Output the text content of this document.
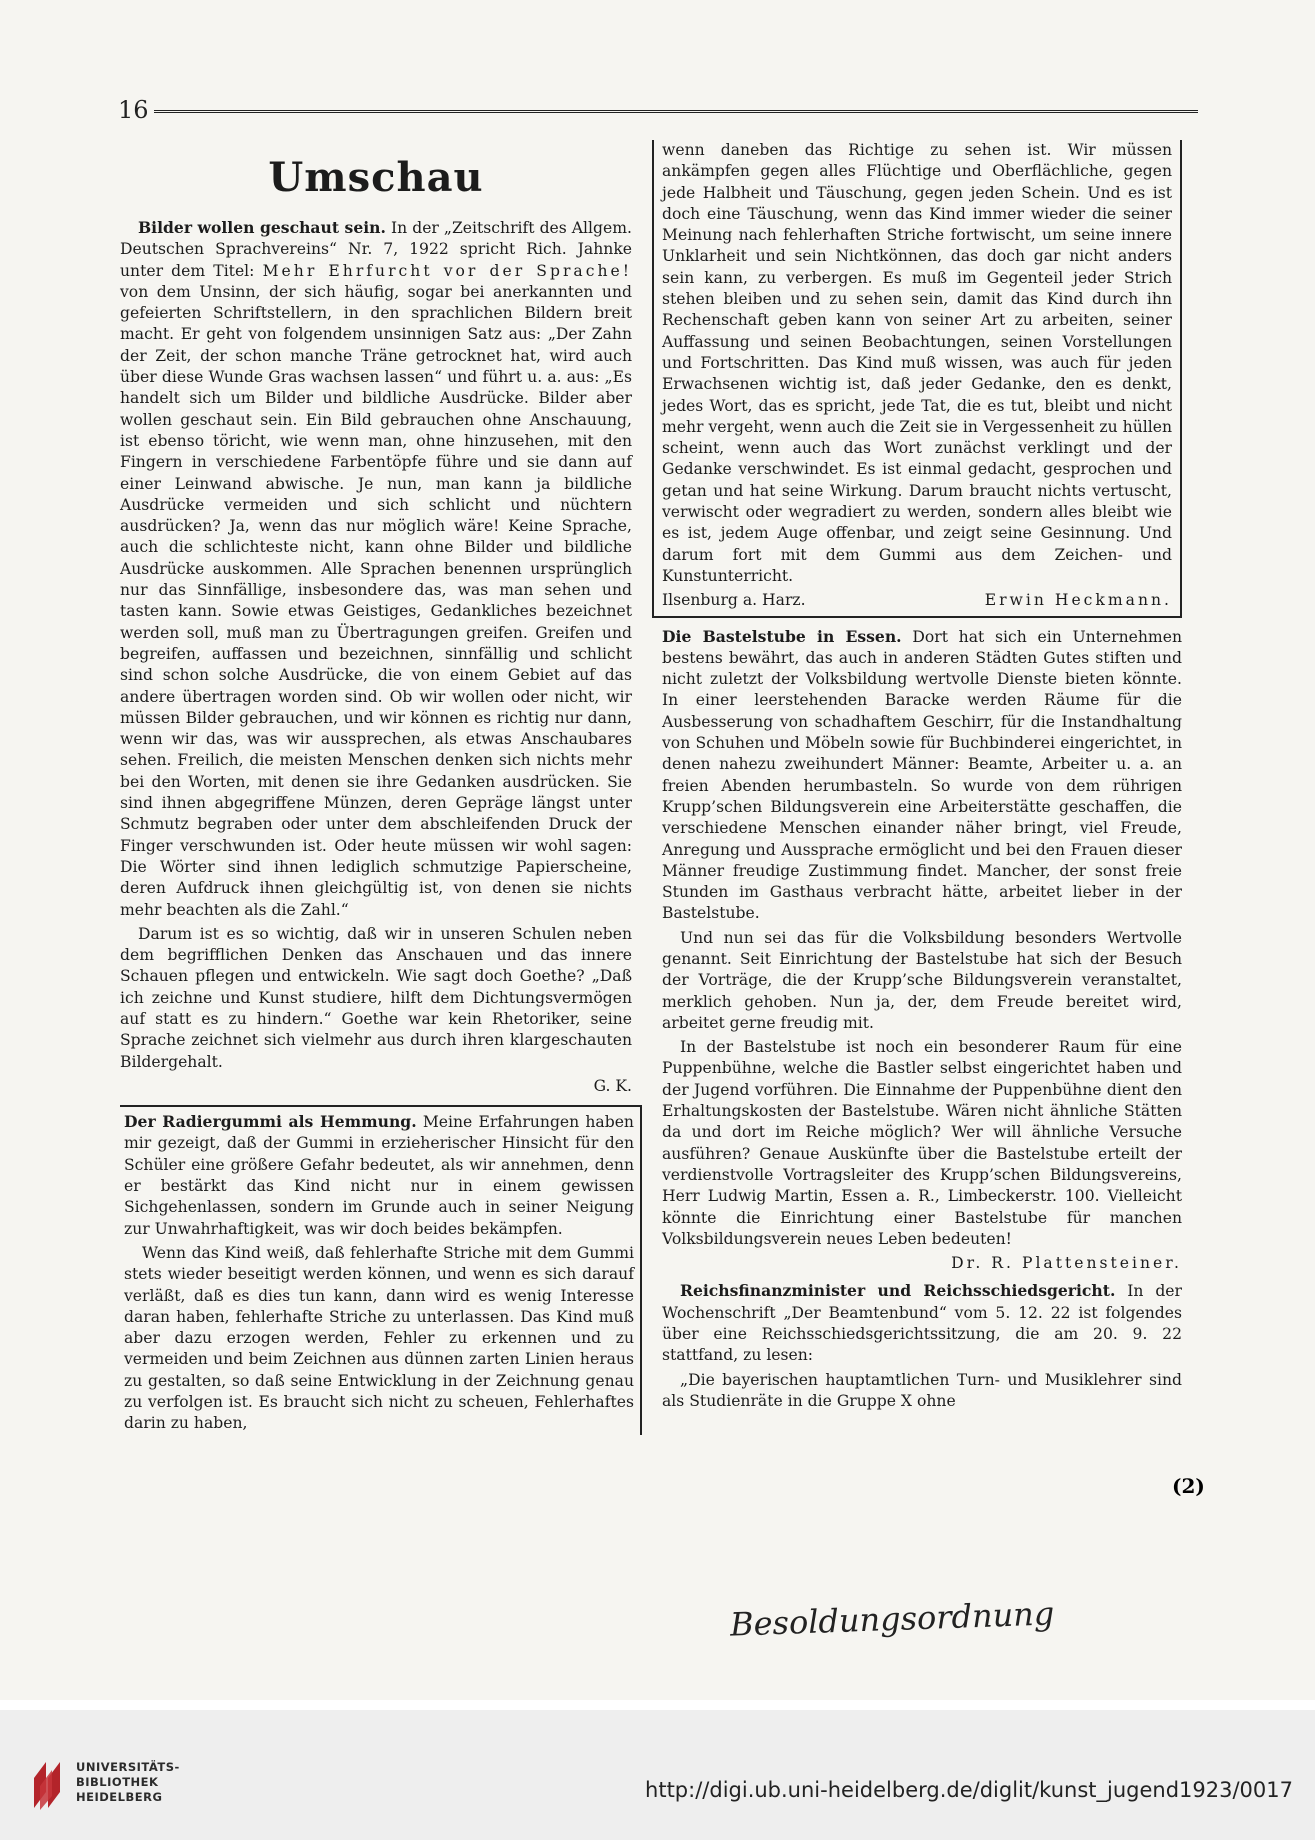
16
Umschau

Bilder wollen geschaut sein. In der „Zeitschrift des Allgem. Deutschen Sprachvereins“ Nr. 7, 1922 spricht Rich. Jahnke unter dem Titel: Mehr Ehrfurcht vor der Sprache! von dem Unsinn, der sich häufig, sogar bei anerkannten und gefeierten Schriftstellern, in den sprachlichen Bildern breit macht. Er geht von folgendem unsinnigen Satz aus: „Der Zahn der Zeit, der schon manche Träne getrocknet hat, wird auch über diese Wunde Gras wachsen lassen“ und führt u. a. aus: „Es handelt sich um Bilder und bildliche Ausdrücke. Bilder aber wollen geschaut sein. Ein Bild gebrauchen ohne Anschauung, ist ebenso töricht, wie wenn man, ohne hinzusehen, mit den Fingern in verschiedene Farbentöpfe führe und sie dann auf einer Leinwand abwische. Je nun, man kann ja bildliche Ausdrücke vermeiden und sich schlicht und nüchtern ausdrücken? Ja, wenn das nur möglich wäre! Keine Sprache, auch die schlichteste nicht, kann ohne Bilder und bildliche Ausdrücke auskommen. Alle Sprachen benennen ursprünglich nur das Sinnfällige, insbesondere das, was man sehen und tasten kann. Sowie etwas Geistiges, Gedankliches bezeichnet werden soll, muß man zu Übertragungen greifen. Greifen und begreifen, auffassen und bezeichnen, sinnfällig und schlicht sind schon solche Ausdrücke, die von einem Gebiet auf das andere übertragen worden sind. Ob wir wollen oder nicht, wir müssen Bilder gebrauchen, und wir können es richtig nur dann, wenn wir das, was wir aussprechen, als etwas Anschaubares sehen. Freilich, die meisten Menschen denken sich nichts mehr bei den Worten, mit denen sie ihre Gedanken ausdrücken. Sie sind ihnen abgegriffene Münzen, deren Gepräge längst unter Schmutz begraben oder unter dem abschleifenden Druck der Finger verschwunden ist. Oder heute müssen wir wohl sagen: Die Wörter sind ihnen lediglich schmutzige Papierscheine, deren Aufdruck ihnen gleichgültig ist, von denen sie nichts mehr beachten als die Zahl.“

Darum ist es so wichtig, daß wir in unseren Schulen neben dem begrifflichen Denken das Anschauen und das innere Schauen pflegen und entwickeln. Wie sagt doch Goethe? „Daß ich zeichne und Kunst studiere, hilft dem Dichtungsvermögen auf statt es zu hindern.“ Goethe war kein Rhetoriker, seine Sprache zeichnet sich vielmehr aus durch ihren klargeschauten Bildergehalt.

G. K.

Der Radiergummi als Hemmung. Meine Erfahrungen haben mir gezeigt, daß der Gummi in erzieherischer Hinsicht für den Schüler eine größere Gefahr bedeutet, als wir annehmen, denn er bestärkt das Kind nicht nur in einem gewissen Sichgehenlassen, sondern im Grunde auch in seiner Neigung zur Unwahrhaftigkeit, was wir doch beides bekämpfen.

Wenn das Kind weiß, daß fehlerhafte Striche mit dem Gummi stets wieder beseitigt werden können, und wenn es sich darauf verläßt, daß es dies tun kann, dann wird es wenig Interesse daran haben, fehlerhafte Striche zu unterlassen. Das Kind muß aber dazu erzogen werden, Fehler zu erkennen und zu vermeiden und beim Zeichnen aus dünnen zarten Linien heraus zu gestalten, so daß seine Entwicklung in der Zeichnung genau zu verfolgen ist. Es braucht sich nicht zu scheuen, Fehlerhaftes darin zu haben,

wenn daneben das Richtige zu sehen ist. Wir müssen ankämpfen gegen alles Flüchtige und Oberflächliche, gegen jede Halbheit und Täuschung, gegen jeden Schein. Und es ist doch eine Täuschung, wenn das Kind immer wieder die seiner Meinung nach fehlerhaften Striche fortwischt, um seine innere Unklarheit und sein Nichtkönnen, das doch gar nicht anders sein kann, zu verbergen. Es muß im Gegenteil jeder Strich stehen bleiben und zu sehen sein, damit das Kind durch ihn Rechenschaft geben kann von seiner Art zu arbeiten, seiner Auffassung und seinen Beobachtungen, seinen Vorstellungen und Fortschritten. Das Kind muß wissen, was auch für jeden Erwachsenen wichtig ist, daß jeder Gedanke, den es denkt, jedes Wort, das es spricht, jede Tat, die es tut, bleibt und nicht mehr vergeht, wenn auch die Zeit sie in Vergessenheit zu hüllen scheint, wenn auch das Wort zunächst verklingt und der Gedanke verschwindet. Es ist einmal gedacht, gesprochen und getan und hat seine Wirkung. Darum braucht nichts vertuscht, verwischt oder wegradiert zu werden, sondern alles bleibt wie es ist, jedem Auge offenbar, und zeigt seine Gesinnung. Und darum fort mit dem Gummi aus dem Zeichen- und Kunstunterricht.

Ilsenburg a. Harz.	Erwin Heckmann.

Die Bastelstube in Essen. Dort hat sich ein Unternehmen bestens bewährt, das auch in anderen Städten Gutes stiften und nicht zuletzt der Volksbildung wertvolle Dienste bieten könnte. In einer leerstehenden Baracke werden Räume für die Ausbesserung von schadhaftem Geschirr, für die Instandhaltung von Schuhen und Möbeln sowie für Buchbinderei eingerichtet, in denen nahezu zweihundert Männer: Beamte, Arbeiter u. a. an freien Abenden herumbasteln. So wurde von dem rührigen Krupp’schen Bildungsverein eine Arbeiterstätte geschaffen, die verschiedene Menschen einander näher bringt, viel Freude, Anregung und Aussprache ermöglicht und bei den Frauen dieser Männer freudige Zustimmung findet. Mancher, der sonst freie Stunden im Gasthaus verbracht hätte, arbeitet lieber in der Bastelstube.

Und nun sei das für die Volksbildung besonders Wertvolle genannt. Seit Einrichtung der Bastelstube hat sich der Besuch der Vorträge, die der Krupp’sche Bildungsverein veranstaltet, merklich gehoben. Nun ja, der, dem Freude bereitet wird, arbeitet gerne freudig mit.

In der Bastelstube ist noch ein besonderer Raum für eine Puppenbühne, welche die Bastler selbst eingerichtet haben und der Jugend vorführen. Die Einnahme der Puppenbühne dient den Erhaltungskosten der Bastelstube. Wären nicht ähnliche Stätten da und dort im Reiche möglich? Wer will ähnliche Versuche ausführen? Genaue Auskünfte über die Bastelstube erteilt der verdienstvolle Vortragsleiter des Krupp’schen Bildungsvereins, Herr Ludwig Martin, Essen a. R., Limbeckerstr. 100. Vielleicht könnte die Einrichtung einer Bastelstube für manchen Volksbildungsverein neues Leben bedeuten!

Dr. R. Plattensteiner.

Reichsfinanzminister und Reichsschiedsgericht. In der Wochenschrift „Der Beamtenbund“ vom 5. 12. 22 ist folgendes über eine Reichsschiedsgerichtssitzung, die am 20. 9. 22 stattfand, zu lesen:

„Die bayerischen hauptamtlichen Turn- und Musiklehrer sind als Studienräte in die Gruppe X ohne

(2)
Besoldungsordnung
UNIVERSITÄTS-
BIBLIOTHEK
HEIDELBERG	http://digi.ub.uni-heidelberg.de/diglit/kunst_jugend1923/0017
